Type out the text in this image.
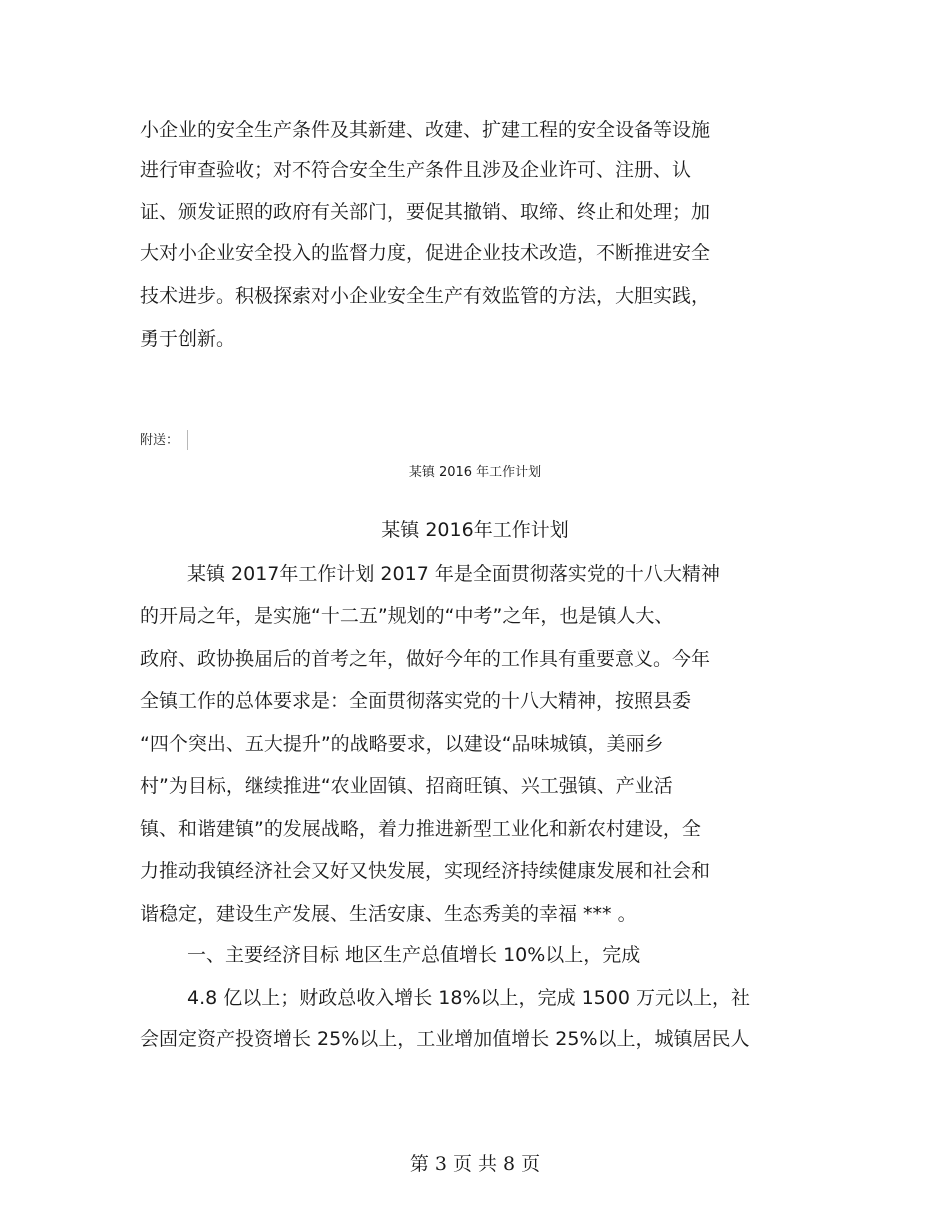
小企业的安全生产条件及其新建、改建、扩建工程的安全设备等设施
进行审查验收；对不符合安全生产条件且涉及企业许可、注册、认
证、颁发证照的政府有关部门，要促其撤销、取缔、终止和处理；加
大对小企业安全投入的监督力度，促进企业技术改造，不断推进安全
技术进步。积极探索对小企业安全生产有效监管的方法，大胆实践，
勇于创新。
附送：
某镇 2016 年工作计划
某镇 2016年工作计划
某镇 2017年工作计划 2017 年是全面贯彻落实党的十八大精神
的开局之年，是实施“十二五”规划的“中考”之年，也是镇人大、
政府、政协换届后的首考之年，做好今年的工作具有重要意义。今年
全镇工作的总体要求是：全面贯彻落实党的十八大精神，按照县委
“四个突出、五大提升”的战略要求，以建设“品味城镇，美丽乡
村”为目标，继续推进“农业固镇、招商旺镇、兴工强镇、产业活
镇、和谐建镇”的发展战略，着力推进新型工业化和新农村建设，全
力推动我镇经济社会又好又快发展，实现经济持续健康发展和社会和
谐稳定，建设生产发展、生活安康、生态秀美的幸福 *** 。
一、主要经济目标 地区生产总值增长 10%以上，完成
4.8 亿以上；财政总收入增长 18%以上，完成 1500 万元以上，社
会固定资产投资增长 25%以上，工业增加值增长 25%以上，城镇居民人
第 3 页 共 8 页
